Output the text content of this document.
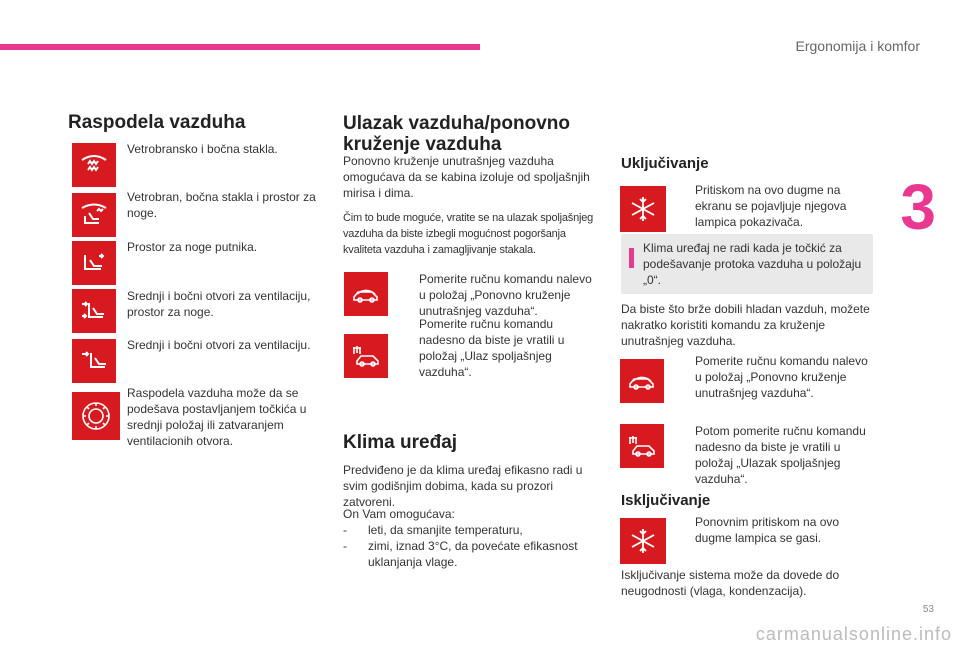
Ergonomija i komfor
3
Raspodela vazduha
Vetrobransko i bočna stakla.
Vetrobran, bočna stakla i prostor za noge.
Prostor za noge putnika.
Srednji i bočni otvori za ventilaciju, prostor za noge.
Srednji i bočni otvori za ventilaciju.
Raspodela vazduha može da se podešava postavljanjem točkića u srednji položaj ili zatvaranjem ventilacionih otvora.
Ulazak vazduha/ponovno kruženje vazduha
Ponovno kruženje unutrašnjeg vazduha omogućava da se kabina izoluje od spoljašnjih mirisa i dima.
Čim to bude moguće, vratite se na ulazak spoljašnjeg vazduha da biste izbegli mogućnost pogoršanja kvaliteta vazduha i zamagljivanje stakala.
Pomerite ručnu komandu nalevo u položaj „Ponovno kruženje unutrašnjeg vazduha“.
Pomerite ručnu komandu nadesno da biste je vratili u položaj „Ulaz spoljašnjeg vazduha“.
Klima uređaj
Predviđeno je da klima uređaj efikasno radi u svim godišnjim dobima, kada su prozori zatvoreni.
On Vam omogućava:
- leti, da smanjite temperaturu,
- zimi, iznad 3°C, da povećate efikasnost uklanjanja vlage.
Uključivanje
Pritiskom na ovo dugme na ekranu se pojavljuje njegova lampica pokazivača.
Klima uređaj ne radi kada je točkić za podešavanje protoka vazduha u položaju „0“.
Da biste što brže dobili hladan vazduh, možete nakratko koristiti komandu za kruženje unutrašnjeg vazduha.
Pomerite ručnu komandu nalevo u položaj „Ponovno kruženje unutrašnjeg vazduha“.
Potom pomerite ručnu komandu nadesno da biste je vratili u položaj „Ulazak spoljašnjeg vazduha“.
Isključivanje
Ponovnim pritiskom na ovo dugme lampica se gasi.
Isključivanje sistema može da dovede do neugodnosti (vlaga, kondenzacija).
53
carmanualsonline.info
